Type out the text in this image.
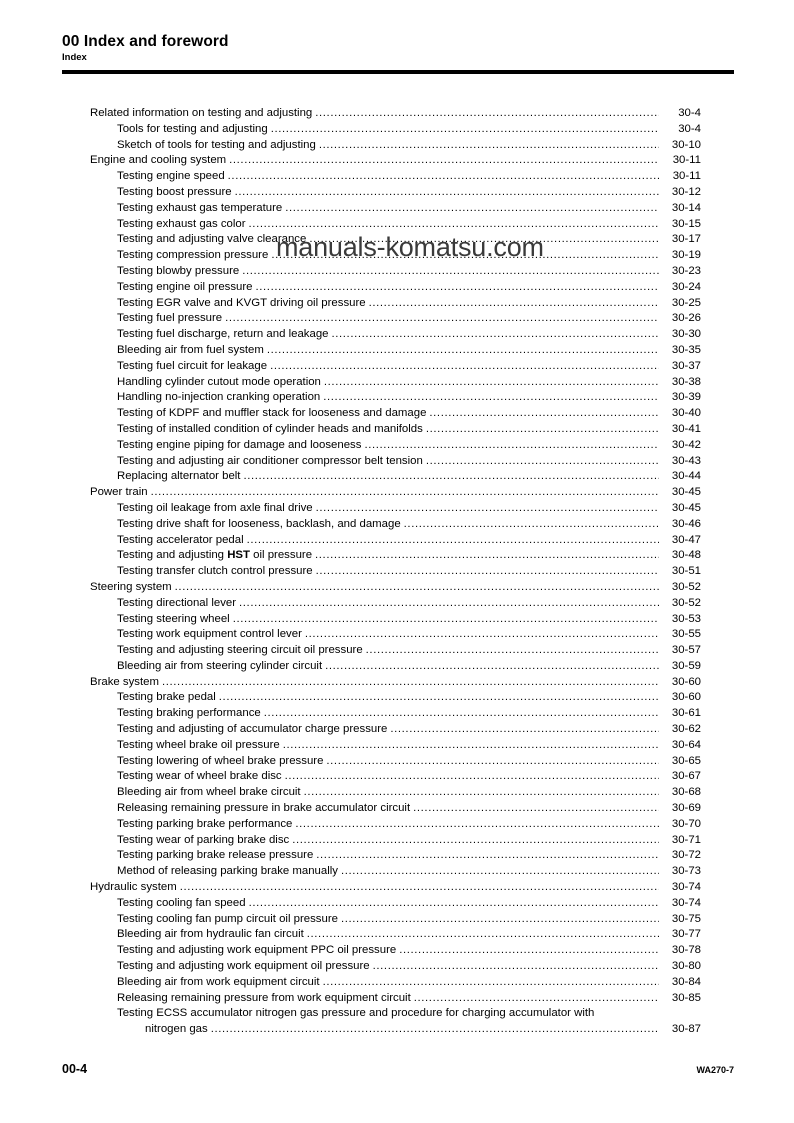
00 Index and foreword
Index
Related information on testing and adjusting .....	30-4
Tools for testing and adjusting .....	30-4
Sketch of tools for testing and adjusting .....	30-10
Engine and cooling system .....	30-11
Testing engine speed .....	30-11
Testing boost pressure .....	30-12
Testing exhaust gas temperature .....	30-14
Testing exhaust gas color .....	30-15
Testing and adjusting valve clearance .....	30-17
Testing compression pressure .....	30-19
Testing blowby pressure .....	30-23
Testing engine oil pressure .....	30-24
Testing EGR valve and KVGT driving oil pressure .....	30-25
Testing fuel pressure .....	30-26
Testing fuel discharge, return and leakage .....	30-30
Bleeding air from fuel system .....	30-35
Testing fuel circuit for leakage .....	30-37
Handling cylinder cutout mode operation .....	30-38
Handling no-injection cranking operation .....	30-39
Testing of KDPF and muffler stack for looseness and damage .....	30-40
Testing of installed condition of cylinder heads and manifolds .....	30-41
Testing engine piping for damage and looseness .....	30-42
Testing and adjusting air conditioner compressor belt tension .....	30-43
Replacing alternator belt .....	30-44
Power train .....	30-45
Testing oil leakage from axle final drive .....	30-45
Testing drive shaft for looseness, backlash, and damage .....	30-46
Testing accelerator pedal .....	30-47
Testing and adjusting HST oil pressure .....	30-48
Testing transfer clutch control pressure .....	30-51
Steering system .....	30-52
Testing directional lever .....	30-52
Testing steering wheel .....	30-53
Testing work equipment control lever .....	30-55
Testing and adjusting steering circuit oil pressure .....	30-57
Bleeding air from steering cylinder circuit .....	30-59
Brake system .....	30-60
Testing brake pedal .....	30-60
Testing braking performance .....	30-61
Testing and adjusting of accumulator charge pressure .....	30-62
Testing wheel brake oil pressure .....	30-64
Testing lowering of wheel brake pressure .....	30-65
Testing wear of wheel brake disc .....	30-67
Bleeding air from wheel brake circuit .....	30-68
Releasing remaining pressure in brake accumulator circuit .....	30-69
Testing parking brake performance .....	30-70
Testing wear of parking brake disc .....	30-71
Testing parking brake release pressure .....	30-72
Method of releasing parking brake manually .....	30-73
Hydraulic system .....	30-74
Testing cooling fan speed .....	30-74
Testing cooling fan pump circuit oil pressure .....	30-75
Bleeding air from hydraulic fan circuit .....	30-77
Testing and adjusting work equipment PPC oil pressure .....	30-78
Testing and adjusting work equipment oil pressure .....	30-80
Bleeding air from work equipment circuit .....	30-84
Releasing remaining pressure from work equipment circuit .....	30-85
Testing ECSS accumulator nitrogen gas pressure and procedure for charging accumulator with
nitrogen gas .....	30-87
manuals-komatsu.com
00-4	WA270-7
